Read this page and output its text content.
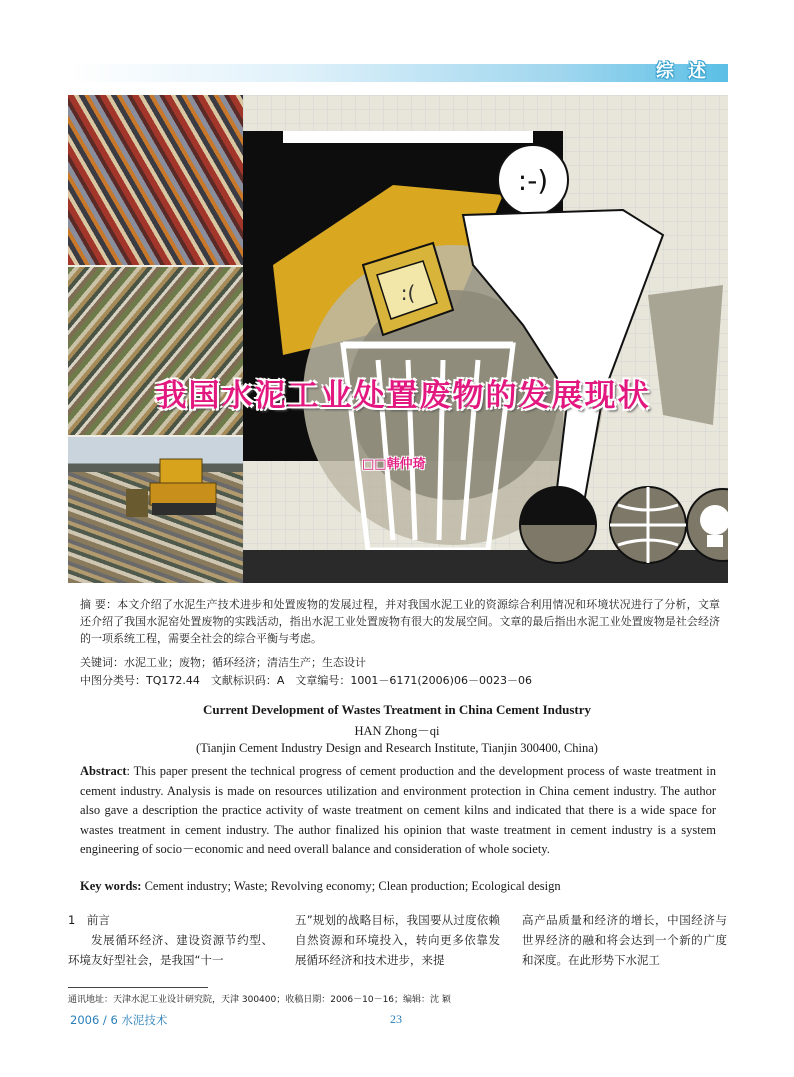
综述
:-)
:(
我国水泥工业处置废物的发展现状
□□韩仲琦
摘 要：本文介绍了水泥生产技术进步和处置废物的发展过程，并对我国水泥工业的资源综合利用情况和环境状况进行了分析，文章还介绍了我国水泥窑处置废物的实践活动，指出水泥工业处置废物有很大的发展空间。文章的最后指出水泥工业处置废物是社会经济的一项系统工程，需要全社会的综合平衡与考虑。
关键词：水泥工业；废物；循环经济；清洁生产；生态设计
中图分类号：TQ172.44　文献标识码：A　文章编号：1001－6171(2006)06－0023－06
Current Development of Wastes Treatment in China Cement Industry
HAN Zhong－qi
(Tianjin Cement Industry Design and Research Institute, Tianjin 300400, China)
Abstract: This paper present the technical progress of cement production and the development process of waste treatment in cement industry. Analysis is made on resources utilization and environment protection in China cement industry. The author also gave a description the practice activity of waste treatment on cement kilns and indicated that there is a wide space for wastes treatment in cement industry. The author finalized his opinion that waste treatment in cement industry is a system engineering of socio－economic and need overall balance and consideration of whole society.
Key words: Cement industry; Waste; Revolving economy; Clean production; Ecological design
1　前言
发展循环经济、建设资源节约型、环境友好型社会，是我国“十一
五”规划的战略目标，我国要从过度依赖自然资源和环境投入，转向更多依靠发展循环经济和技术进步，来提
高产品质量和经济的增长，中国经济与世界经济的融和将会达到一个新的广度和深度。在此形势下水泥工
通讯地址：天津水泥工业设计研究院，天津 300400；收稿日期：2006－10－16；编辑：沈 颖
2006 / 6 水泥技术	23
